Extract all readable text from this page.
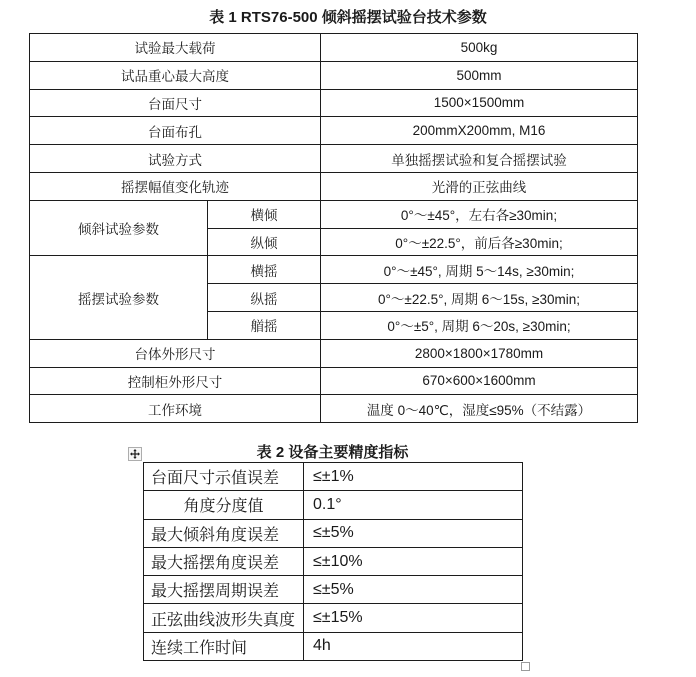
表 1 RTS76-500 倾斜摇摆试验台技术参数
试验最大载荷		500kg
试品重心最大高度		500mm
台面尺寸		1500×1500mm
台面布孔		200mmX200mm, M16
试验方式		单独摇摆试验和复合摇摆试验
摇摆幅值变化轨迹		光滑的正弦曲线
倾斜试验参数	横倾	0°～±45°，左右各≥30min;
	纵倾	0°～±22.5°，前后各≥30min;
摇摆试验参数	横摇	0°～±45°, 周期 5～14s, ≥30min;
	纵摇	0°～±22.5°, 周期 6～15s, ≥30min;
	艏摇	0°～±5°, 周期 6～20s, ≥30min;
台体外形尺寸		2800×1800×1780mm
控制柜外形尺寸		670×600×1600mm
工作环境		温度 0～40℃，湿度≤95%（不结露）
表 2 设备主要精度指标
台面尺寸示值误差	≤±1%
角度分度值	0.1°
最大倾斜角度误差	≤±5%
最大摇摆角度误差	≤±10%
最大摇摆周期误差	≤±5%
正弦曲线波形失真度	≤±15%
连续工作时间	4h
